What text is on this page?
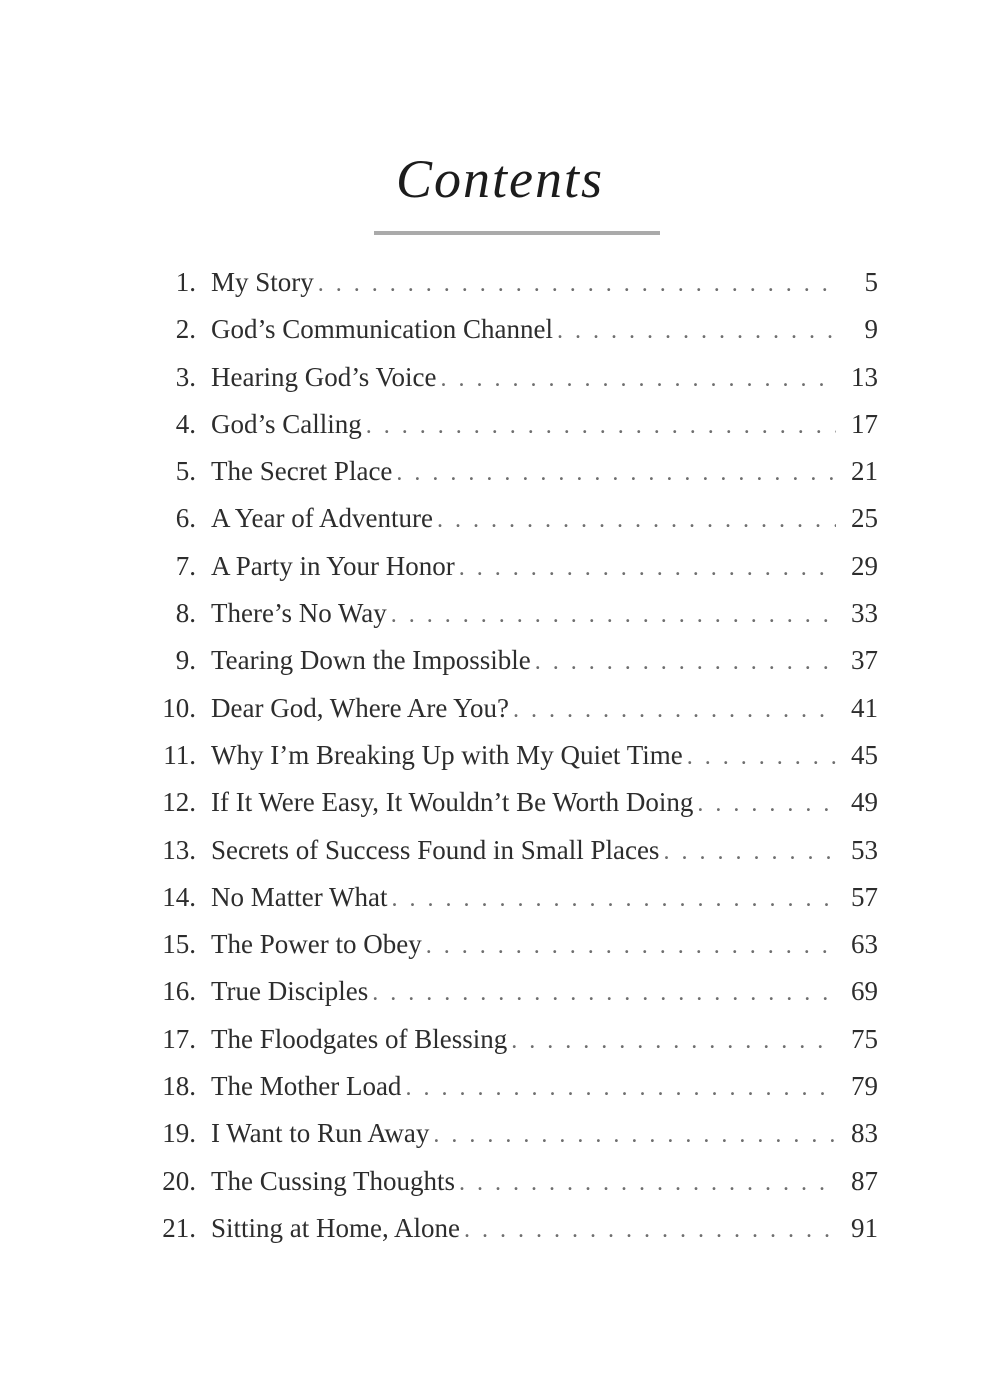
Contents
1. My Story . . .	5
2. God’s Communication Channel . . .	9
3. Hearing God’s Voice . . .	13
4. God’s Calling . . .	17
5. The Secret Place . . .	21
6. A Year of Adventure . . .	25
7. A Party in Your Honor . . .	29
8. There’s No Way . . .	33
9. Tearing Down the Impossible . . .	37
10. Dear God, Where Are You? . . .	41
11. Why I’m Breaking Up with My Quiet Time . . .	45
12. If It Were Easy, It Wouldn’t Be Worth Doing . . .	49
13. Secrets of Success Found in Small Places . . .	53
14. No Matter What . . .	57
15. The Power to Obey . . .	63
16. True Disciples . . .	69
17. The Floodgates of Blessing . . .	75
18. The Mother Load . . .	79
19. I Want to Run Away . . .	83
20. The Cussing Thoughts . . .	87
21. Sitting at Home, Alone . . .	91
